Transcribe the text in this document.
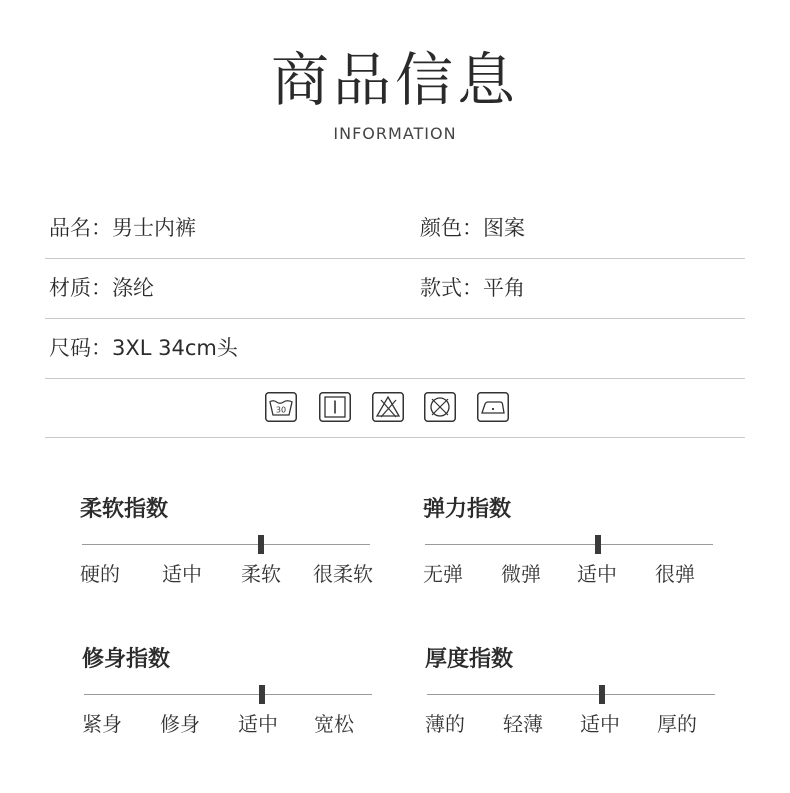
商品信息
INFORMATION
品名：男士内裤	颜色：图案
材质：涤纶	款式：平角
尺码：3XL 34cm头
30
柔软指数
硬的 适中 柔软 很柔软
弹力指数
无弹 微弹 适中 很弹
修身指数
紧身 修身 适中 宽松
厚度指数
薄的 轻薄 适中 厚的
